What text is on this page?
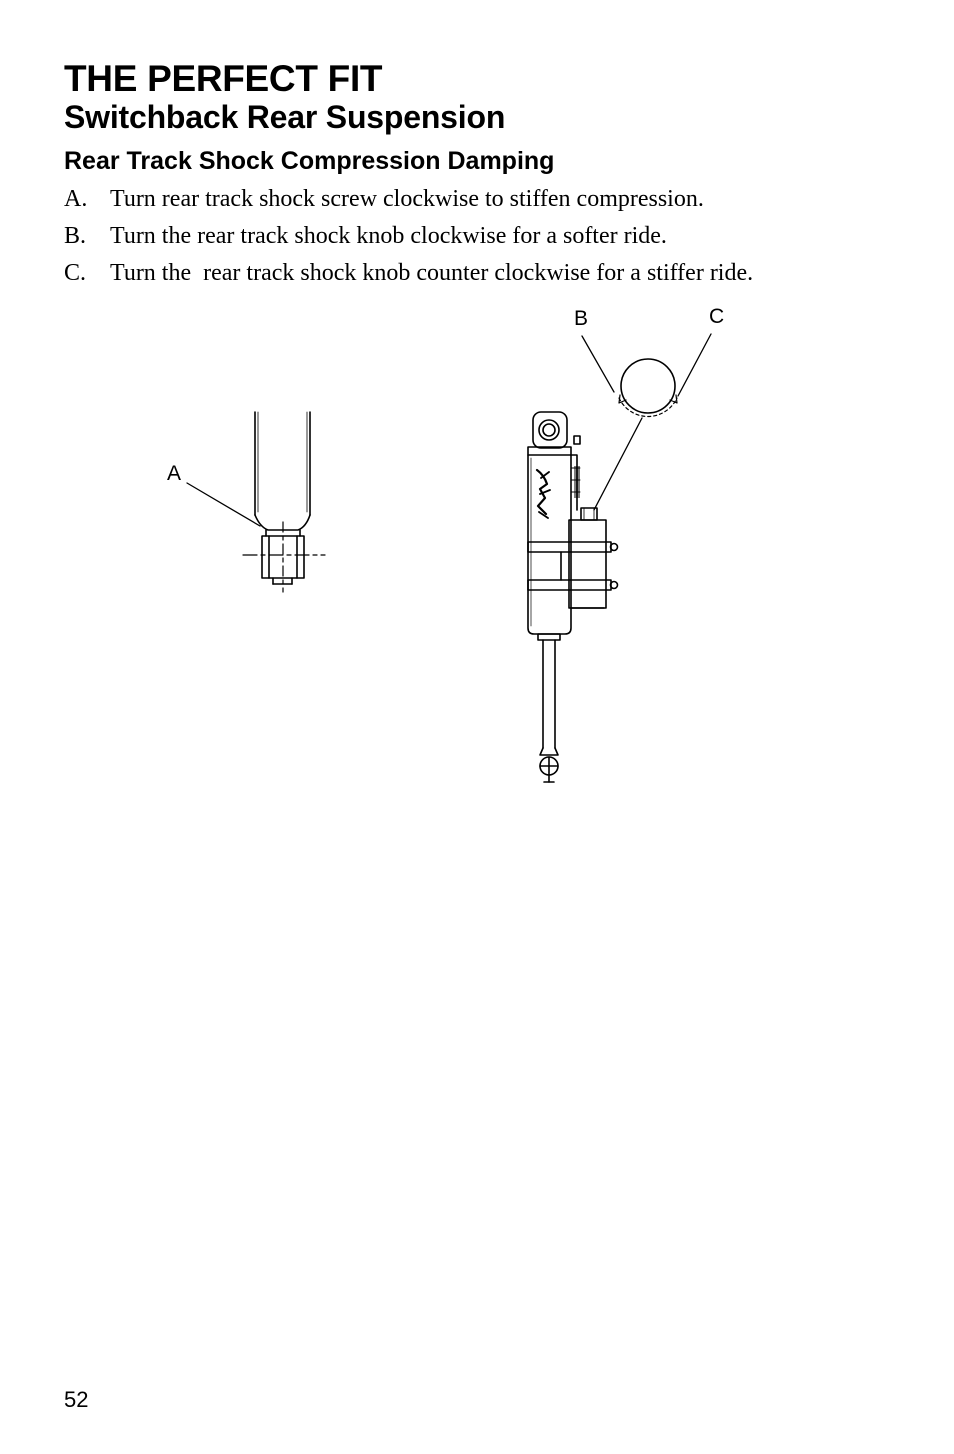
THE PERFECT FIT
Switchback Rear Suspension
Rear Track Shock Compression Damping

A.

Turn rear track shock screw clockwise to stiffen compression.

B.

Turn the rear track shock knob clockwise for a softer ride.

C.

Turn the  rear track shock knob counter clockwise for a stiffer ride.

A
B	C
52
